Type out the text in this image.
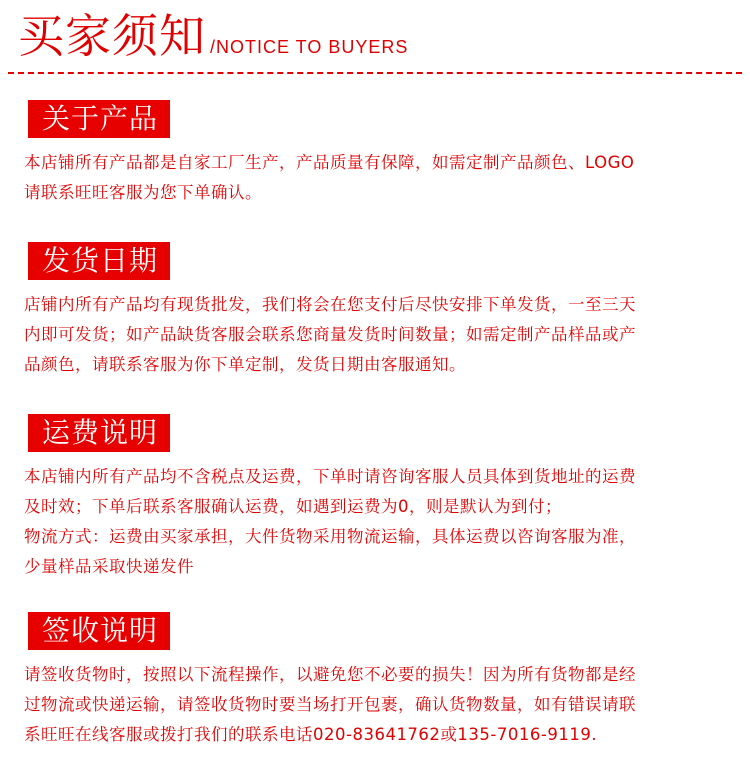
买家须知 /NOTICE TO BUYERS
关于产品
本店铺所有产品都是自家工厂生产，产品质量有保障，如需定制产品颜色、LOGO
请联系旺旺客服为您下单确认。
发货日期
店铺内所有产品均有现货批发，我们将会在您支付后尽快安排下单发货，一至三天
内即可发货；如产品缺货客服会联系您商量发货时间数量；如需定制产品样品或产
品颜色，请联系客服为你下单定制，发货日期由客服通知。
运费说明
本店铺内所有产品均不含税点及运费，下单时请咨询客服人员具体到货地址的运费
及时效；下单后联系客服确认运费，如遇到运费为0，则是默认为到付；
物流方式：运费由买家承担，大件货物采用物流运输，具体运费以咨询客服为准，
少量样品采取快递发件
签收说明
请签收货物时，按照以下流程操作，以避免您不必要的损失！因为所有货物都是经
过物流或快递运输，请签收货物时要当场打开包裹，确认货物数量，如有错误请联
系旺旺在线客服或拨打我们的联系电话020-83641762或135-7016-9119.
